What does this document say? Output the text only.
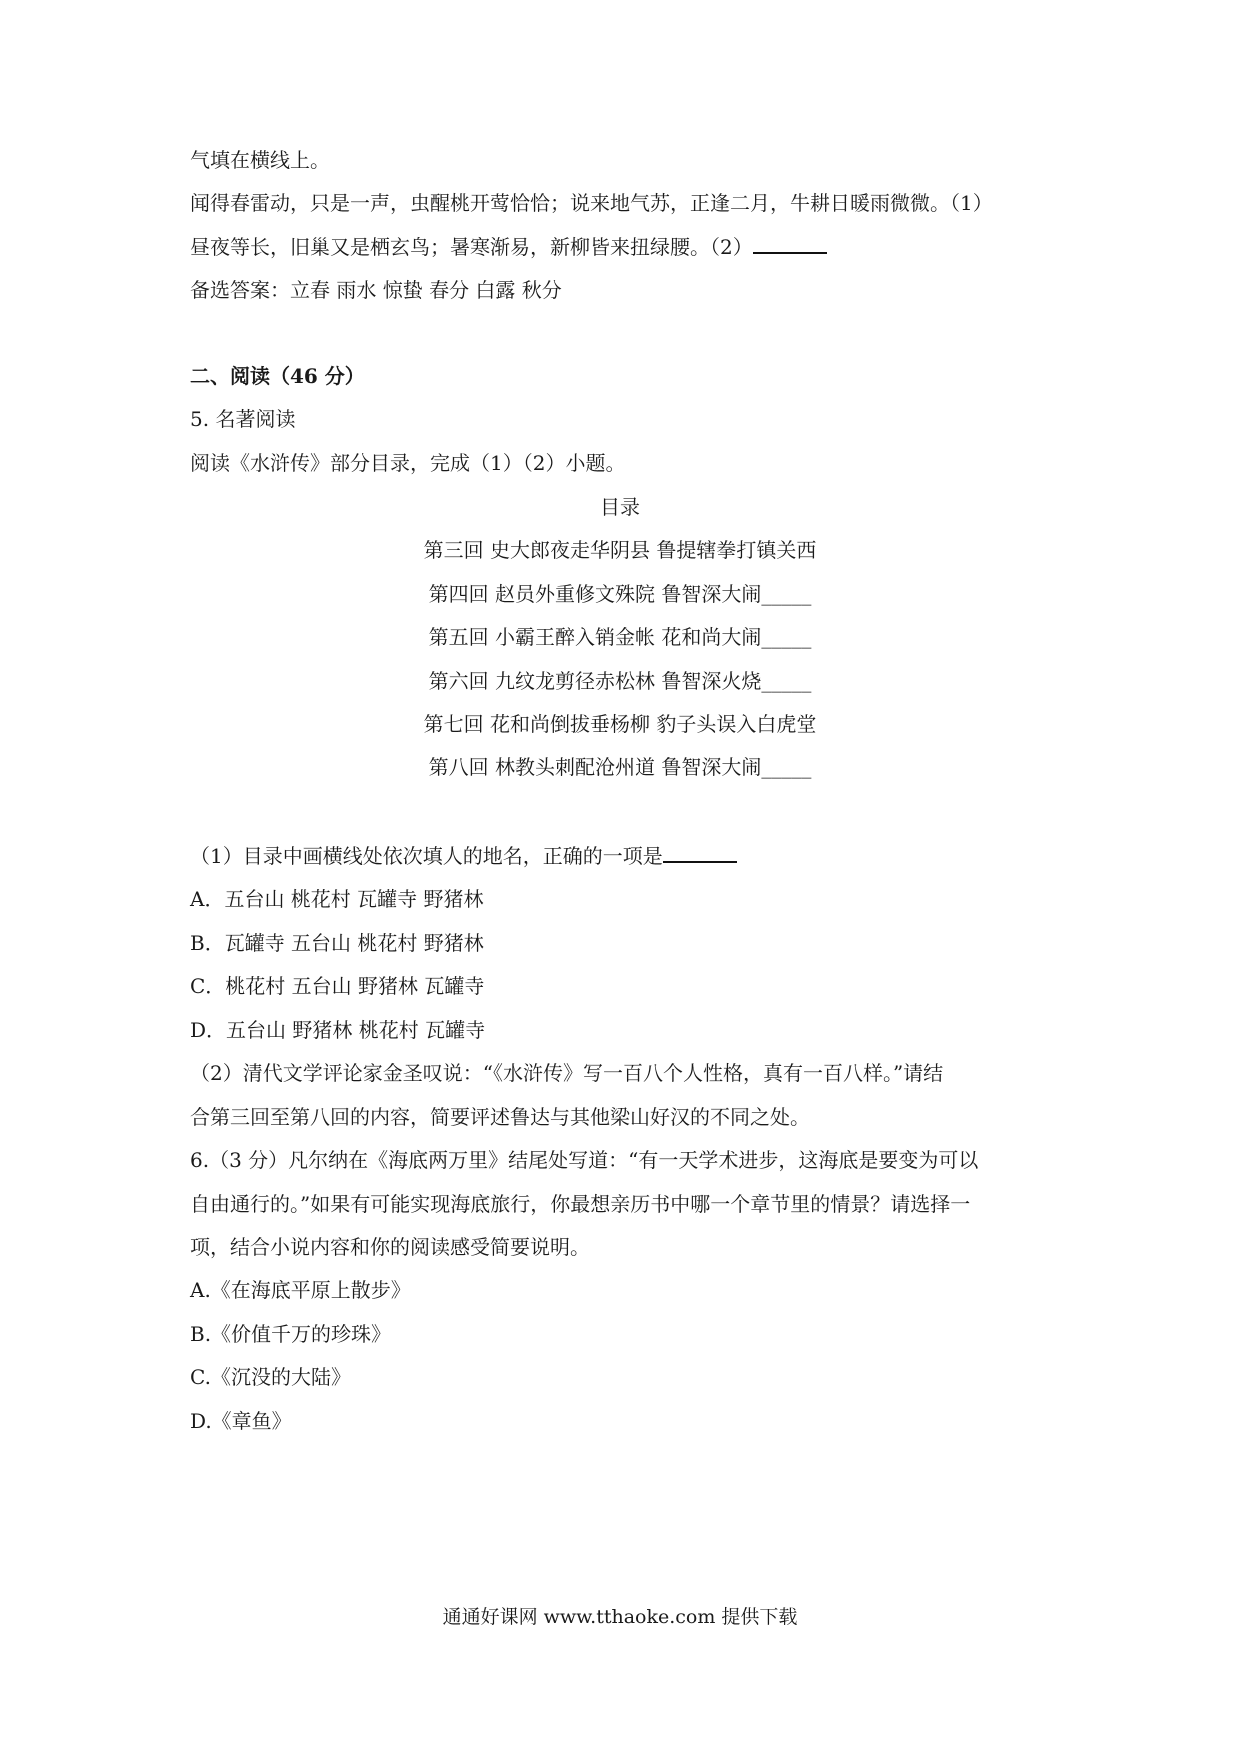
气填在横线上。
闻得春雷动，只是一声，虫醒桃开莺恰恰；说来地气苏，正逢二月，牛耕日暖雨微微。（1）
昼夜等长，旧巢又是栖玄鸟；暑寒渐易，新柳皆来扭绿腰。（2）
备选答案：立春 雨水 惊蛰 春分 白露 秋分
二、阅读（46 分）
5. 名著阅读
阅读《水浒传》部分目录，完成（1）（2）小题。
目录
第三回 史大郎夜走华阴县 鲁提辖拳打镇关西
第四回 赵员外重修文殊院 鲁智深大闹_____
第五回 小霸王醉入销金帐 花和尚大闹_____
第六回 九纹龙剪径赤松林 鲁智深火烧_____
第七回 花和尚倒拔垂杨柳 豹子头误入白虎堂
第八回 林教头刺配沧州道 鲁智深大闹_____
（1）目录中画横线处依次填人的地名，正确的一项是
A．五台山 桃花村 瓦罐寺 野猪林
B．瓦罐寺 五台山 桃花村 野猪林
C．桃花村 五台山 野猪林 瓦罐寺
D．五台山 野猪林 桃花村 瓦罐寺
（2）清代文学评论家金圣叹说：“《水浒传》写一百八个人性格，真有一百八样。”请结
合第三回至第八回的内容，简要评述鲁达与其他梁山好汉的不同之处。
6.（3 分）凡尔纳在《海底两万里》结尾处写道：“有一天学术进步，这海底是要变为可以
自由通行的。”如果有可能实现海底旅行，你最想亲历书中哪一个章节里的情景？请选择一
项，结合小说内容和你的阅读感受简要说明。
A.《在海底平原上散步》
B.《价值千万的珍珠》
C.《沉没的大陆》
D.《章鱼》
通通好课网 www.tthaoke.com 提供下载
